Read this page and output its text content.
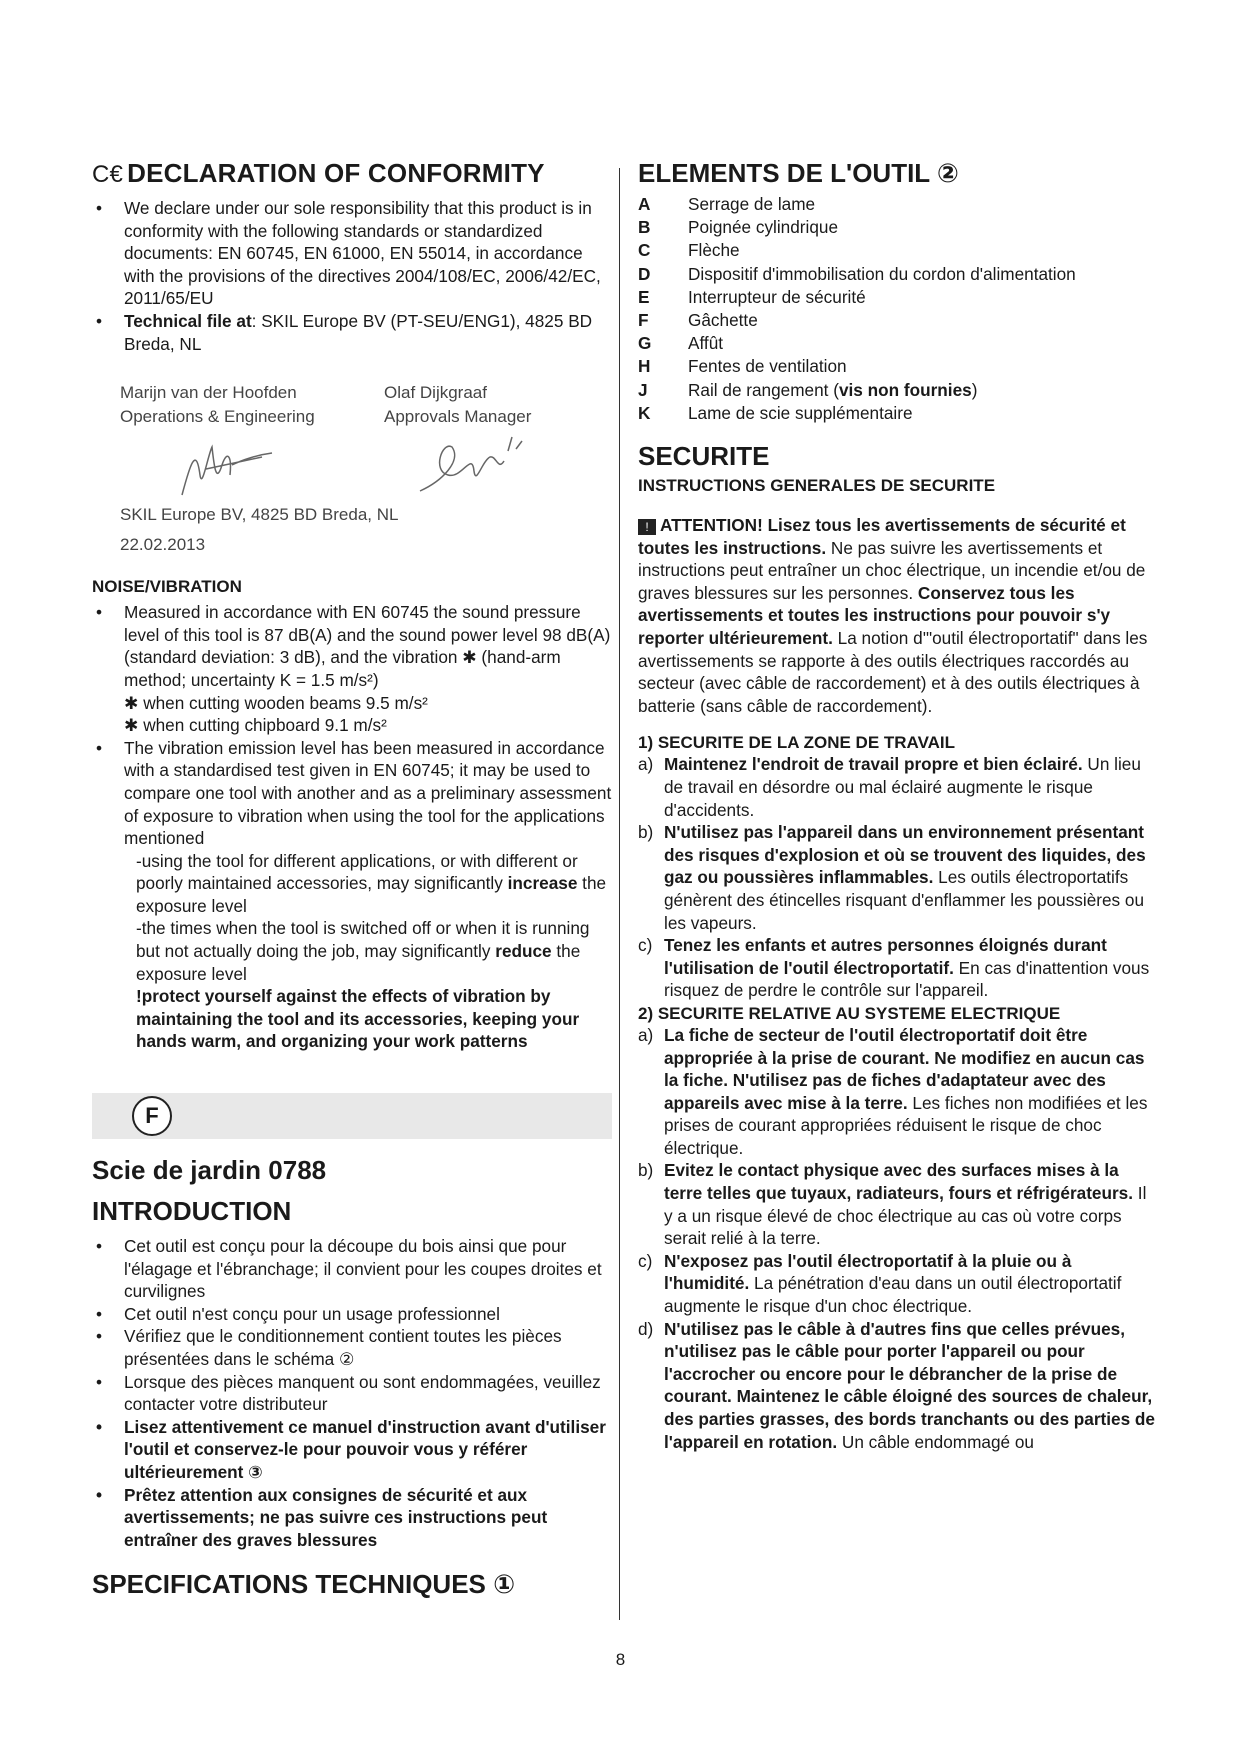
C€ DECLARATION OF CONFORMITY
• We declare under our sole responsibility that this product is in conformity with the following standards or standardized documents: EN 60745, EN 61000, EN 55014, in accordance with the provisions of the directives 2004/108/EC, 2006/42/EC, 2011/65/EU
• Technical file at: SKIL Europe BV (PT-SEU/ENG1), 4825 BD Breda, NL
Marijn van der Hoofden
Operations & Engineering
Olaf Dijkgraaf
Approvals Manager
SKIL Europe BV, 4825 BD Breda, NL
22.02.2013
NOISE/VIBRATION
• Measured in accordance with EN 60745 the sound pressure level of this tool is 87 dB(A) and the sound power level 98 dB(A) (standard deviation: 3 dB), and the vibration ✱ (hand-arm method; uncertainty K = 1.5 m/s²)
✱ when cutting wooden beams 9.5 m/s²
✱ when cutting chipboard 9.1 m/s²
• The vibration emission level has been measured in accordance with a standardised test given in EN 60745; it may be used to compare one tool with another and as a preliminary assessment of exposure to vibration when using the tool for the applications mentioned

-using the tool for different applications, or with different or poorly maintained accessories, may significantly increase the exposure level

-the times when the tool is switched off or when it is running but not actually doing the job, may significantly reduce the exposure level

!protect yourself against the effects of vibration by maintaining the tool and its accessories, keeping your hands warm, and organizing your work patterns

F
Scie de jardin 0788
INTRODUCTION
• Cet outil est conçu pour la découpe du bois ainsi que pour l'élagage et l'ébranchage; il convient pour les coupes droites et curvilignes
• Cet outil n'est conçu pour un usage professionnel
• Vérifiez que le conditionnement contient toutes les pièces présentées dans le schéma ②
• Lorsque des pièces manquent ou sont endommagées, veuillez contacter votre distributeur
• Lisez attentivement ce manuel d'instruction avant d'utiliser l'outil et conservez-le pour pouvoir vous y référer ultérieurement ③
• Prêtez attention aux consignes de sécurité et aux avertissements; ne pas suivre ces instructions peut entraîner des graves blessures
SPECIFICATIONS TECHNIQUES ①
ELEMENTS DE L'OUTIL ②
A	Serrage de lame
B	Poignée cylindrique
C	Flèche
D	Dispositif d'immobilisation du cordon d'alimentation
E	Interrupteur de sécurité
F	Gâchette
G	Affût
H	Fentes de ventilation
J	Rail de rangement (vis non fournies)
K	Lame de scie supplémentaire
SECURITE
INSTRUCTIONS GENERALES DE SECURITE

! ATTENTION! Lisez tous les avertissements de sécurité et toutes les instructions. Ne pas suivre les avertissements et instructions peut entraîner un choc électrique, un incendie et/ou de graves blessures sur les personnes. Conservez tous les avertissements et toutes les instructions pour pouvoir s'y reporter ultérieurement. La notion d'"outil électroportatif" dans les avertissements se rapporte à des outils électriques raccordés au secteur (avec câble de raccordement) et à des outils électriques à batterie (sans câble de raccordement).

1) SECURITE DE LA ZONE DE TRAVAIL
a) Maintenez l'endroit de travail propre et bien éclairé. Un lieu de travail en désordre ou mal éclairé augmente le risque d'accidents.
b) N'utilisez pas l'appareil dans un environnement présentant des risques d'explosion et où se trouvent des liquides, des gaz ou poussières inflammables. Les outils électroportatifs génèrent des étincelles risquant d'enflammer les poussières ou les vapeurs.
c) Tenez les enfants et autres personnes éloignés durant l'utilisation de l'outil électroportatif. En cas d'inattention vous risquez de perdre le contrôle sur l'appareil.
2) SECURITE RELATIVE AU SYSTEME ELECTRIQUE
a) La fiche de secteur de l'outil électroportatif doit être appropriée à la prise de courant. Ne modifiez en aucun cas la fiche. N'utilisez pas de fiches d'adaptateur avec des appareils avec mise à la terre. Les fiches non modifiées et les prises de courant appropriées réduisent le risque de choc électrique.
b) Evitez le contact physique avec des surfaces mises à la terre telles que tuyaux, radiateurs, fours et réfrigérateurs. Il y a un risque élevé de choc électrique au cas où votre corps serait relié à la terre.
c) N'exposez pas l'outil électroportatif à la pluie ou à l'humidité. La pénétration d'eau dans un outil électroportatif augmente le risque d'un choc électrique.
d) N'utilisez pas le câble à d'autres fins que celles prévues, n'utilisez pas le câble pour porter l'appareil ou pour l'accrocher ou encore pour le débrancher de la prise de courant. Maintenez le câble éloigné des sources de chaleur, des parties grasses, des bords tranchants ou des parties de l'appareil en rotation. Un câble endommagé ou
8
